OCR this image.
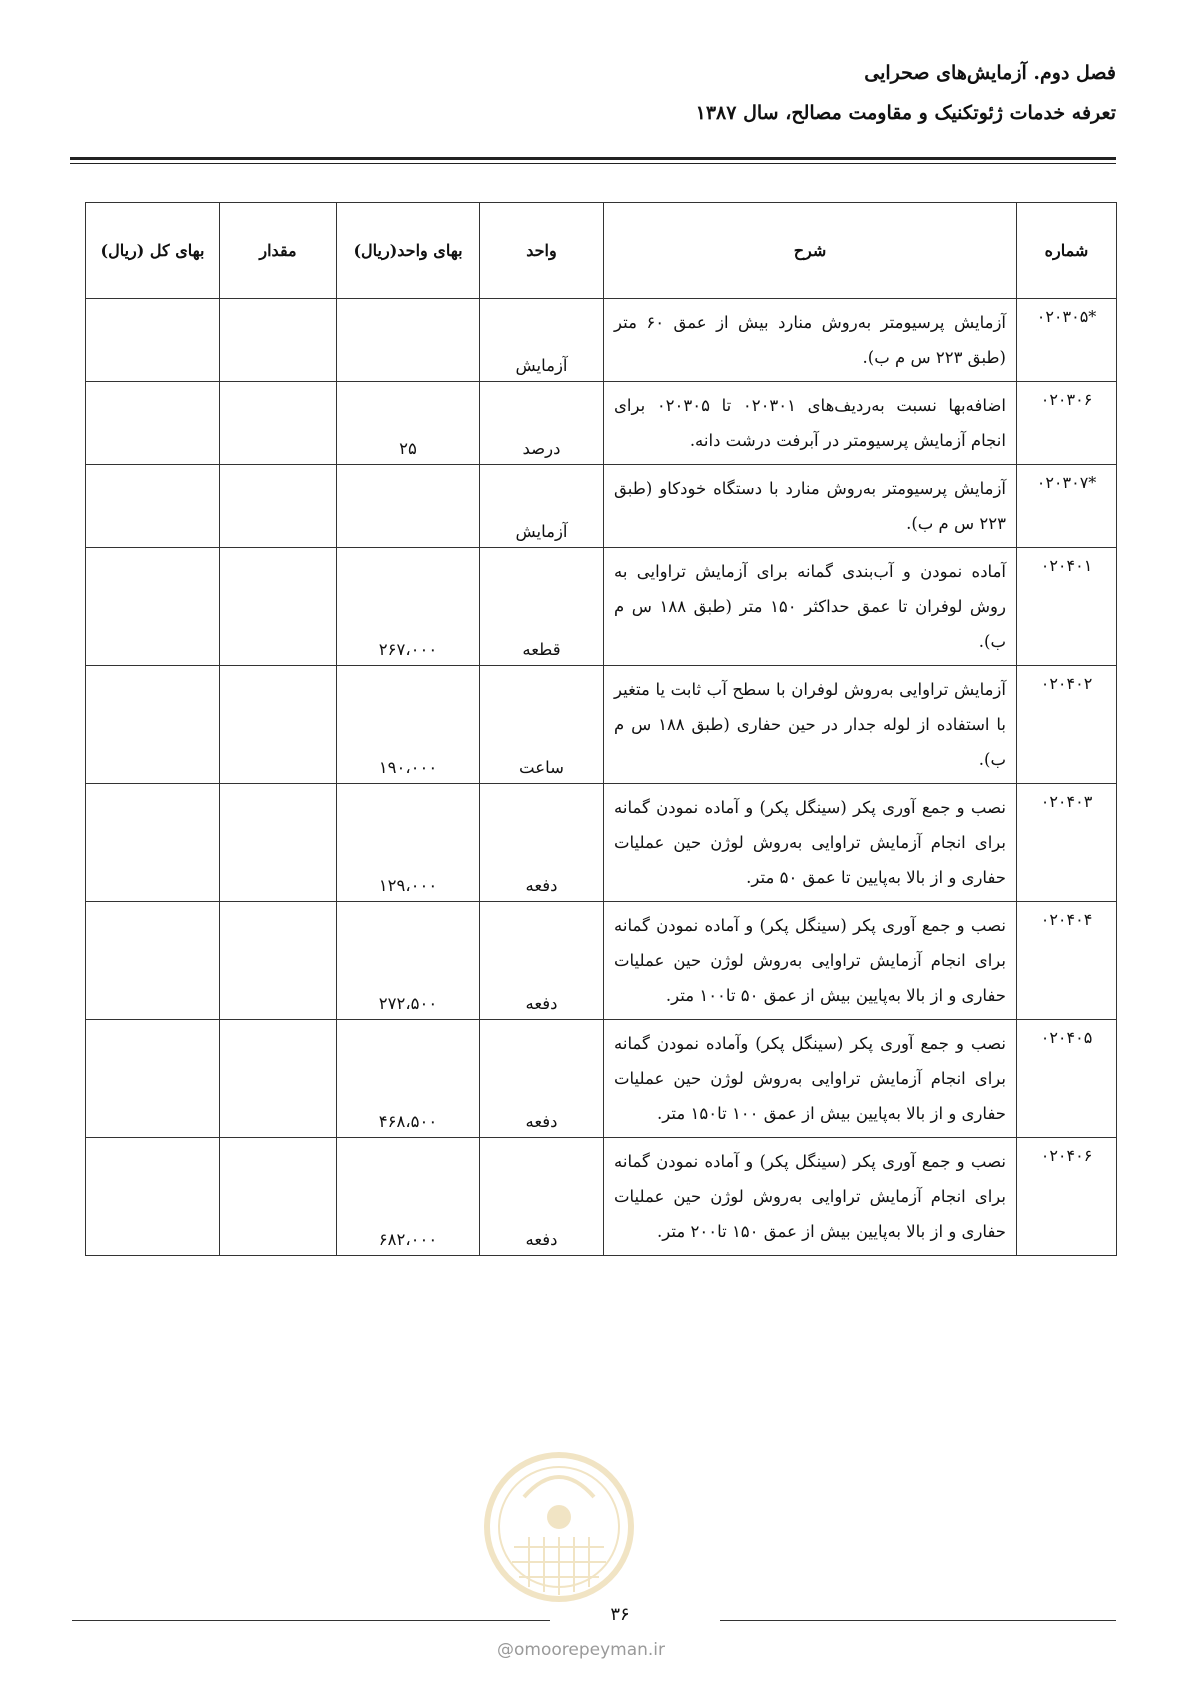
فصل دوم. آزمایش‌های صحرایی
تعرفه خدمات ژئوتکنیک و مقاومت مصالح، سال ۱۳۸۷
شماره	شرح	واحد	بهای واحد(ریال)	مقدار	بهای کل (ریال)
*۰۲۰۳۰۵	آزمایش پرسیومتر به‌روش منارد بیش از عمق ۶۰ متر (طبق ۲۲۳ س م ب).	آزمایش			
۰۲۰۳۰۶	اضافه‌بها نسبت به‌ردیف‌های ۰۲۰۳۰۱ تا ۰۲۰۳۰۵ برای انجام آزمایش پرسیومتر در آبرفت درشت دانه.	درصد	۲۵		
*۰۲۰۳۰۷	آزمایش پرسیومتر به‌روش منارد با دستگاه خودکاو (طبق ۲۲۳ س م ب).	آزمایش			
۰۲۰۴۰۱	آماده نمودن و آب‌بندی گمانه برای آزمایش تراوایی به روش لوفران تا عمق حداکثر ۱۵۰ متر (طبق ۱۸۸ س م ب).	قطعه	۲۶۷،۰۰۰		
۰۲۰۴۰۲	آزمایش تراوایی به‌روش لوفران با سطح آب ثابت یا متغیر با استفاده از لوله جدار در حین حفاری (طبق ۱۸۸ س م ب).	ساعت	۱۹۰،۰۰۰		
۰۲۰۴۰۳	نصب و جمع آوری پکر (سینگل پکر) و آماده نمودن گمانه برای انجام آزمایش تراوایی به‌روش لوژن حین عملیات حفاری و از بالا به‌پایین تا عمق ۵۰ متر.	دفعه	۱۲۹،۰۰۰		
۰۲۰۴۰۴	نصب و جمع آوری پکر (سینگل پکر) و آماده نمودن گمانه برای انجام آزمایش تراوایی به‌روش لوژن حین عملیات حفاری و از بالا به‌پایین بیش از عمق ۵۰ تا۱۰۰ متر.	دفعه	۲۷۲،۵۰۰		
۰۲۰۴۰۵	نصب و جمع آوری پکر (سینگل پکر) وآماده نمودن گمانه برای انجام آزمایش تراوایی به‌روش لوژن حین عملیات حفاری و از بالا به‌پایین بیش از عمق ۱۰۰ تا۱۵۰ متر.	دفعه	۴۶۸،۵۰۰		
۰۲۰۴۰۶	نصب و جمع آوری پکر (سینگل پکر) و آماده نمودن گمانه برای انجام آزمایش تراوایی به‌روش لوژن حین عملیات حفاری و از بالا به‌پایین بیش از عمق ۱۵۰ تا۲۰۰ متر.	دفعه	۶۸۲،۰۰۰		
۳۶
@omoorepeyman.ir
